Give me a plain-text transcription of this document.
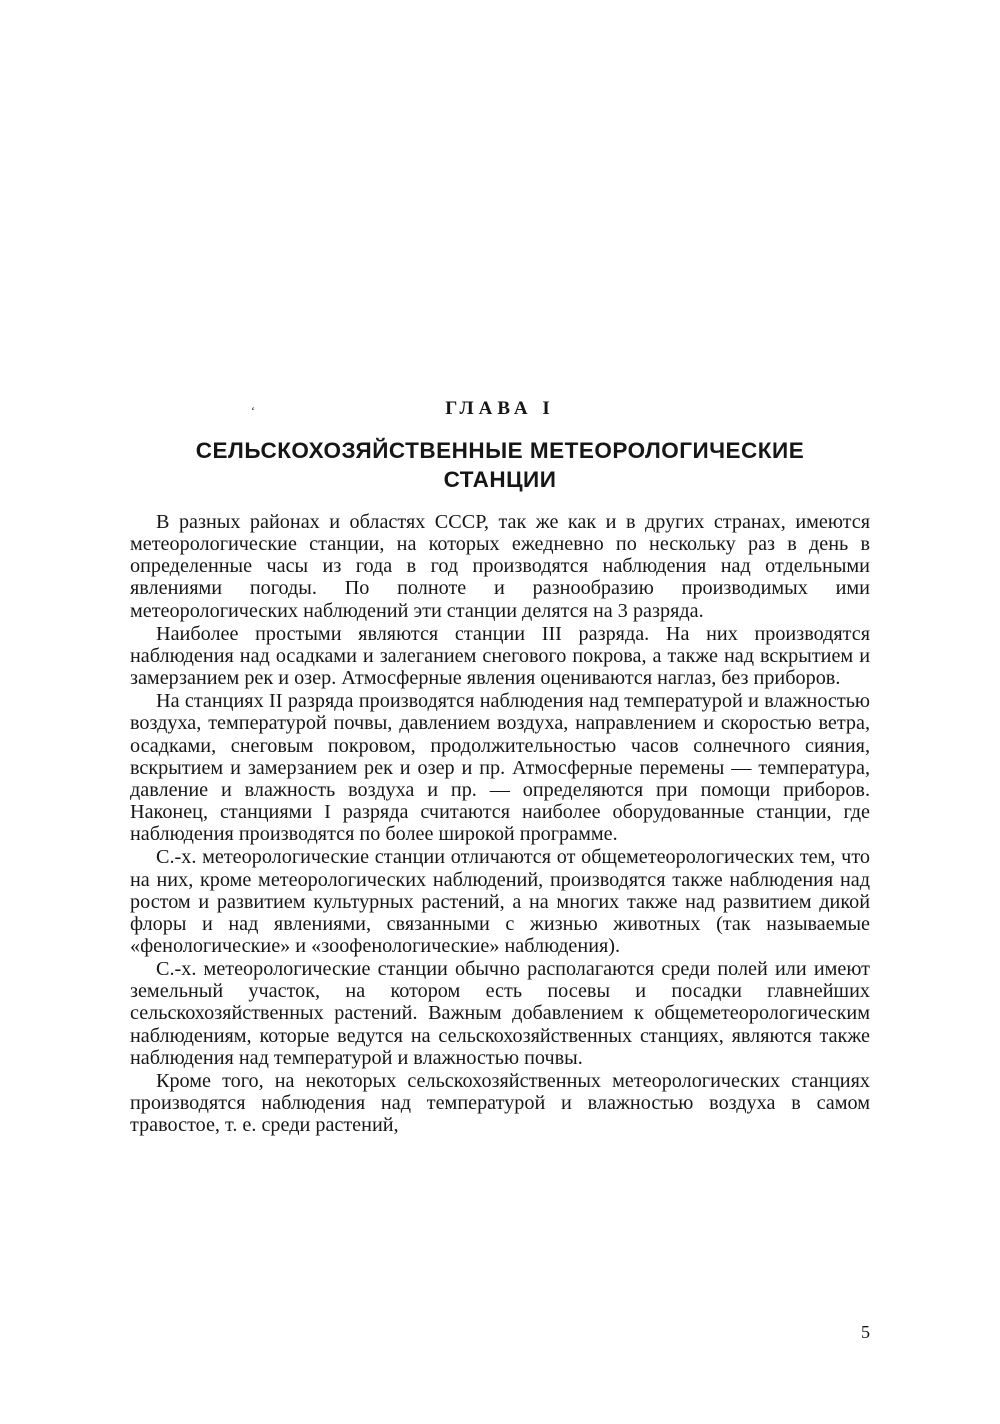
ʻ	ГЛАВА I
СЕЛЬСКОХОЗЯЙСТВЕННЫЕ МЕТЕОРОЛОГИЧЕСКИЕ
СТАНЦИИ

В разных районах и областях СССР, так же как и в других странах, имеются метеорологические станции, на которых ежедневно по нескольку раз в день в определенные часы из года в год производятся наблюдения над отдельными явлениями погоды. По полноте и разнообразию производимых ими метеорологических наблюдений эти станции делятся на 3 разряда.

Наиболее простыми являются станции III разряда. На них производятся наблюдения над осадками и залеганием снегового покрова, а также над вскрытием и замерзанием рек и озер. Атмосферные явления оцениваются наглаз, без приборов.

На станциях II разряда производятся наблюдения над температурой и влажностью воздуха, температурой почвы, давлением воздуха, направлением и скоростью ветра, осадками, снеговым покровом, продолжительностью часов солнечного сияния, вскрытием и замерзанием рек и озер и пр. Атмосферные перемены — температура, давление и влажность воздуха и пр. — определяются при помощи приборов. Наконец, станциями I разряда считаются наиболее оборудованные станции, где наблюдения производятся по более широкой программе.

С.-х. метеорологические станции отличаются от общеметеорологических тем, что на них, кроме метеорологических наблюдений, производятся также наблюдения над ростом и развитием культурных растений, а на многих также над развитием дикой флоры и над явлениями, связанными с жизнью животных (так называемые «фенологические» и «зоофенологические» наблюдения).

С.-х. метеорологические станции обычно располагаются среди полей или имеют земельный участок, на котором есть посевы и посадки главнейших сельскохозяйственных растений. Важным добавлением к общеметеорологическим наблюдениям, которые ведутся на сельскохозяйственных станциях, являются также наблюдения над температурой и влажностью почвы.

Кроме того, на некоторых сельскохозяйственных метеорологических станциях производятся наблюдения над температурой и влажностью воздуха в самом травостое, т. е. среди растений,

5
